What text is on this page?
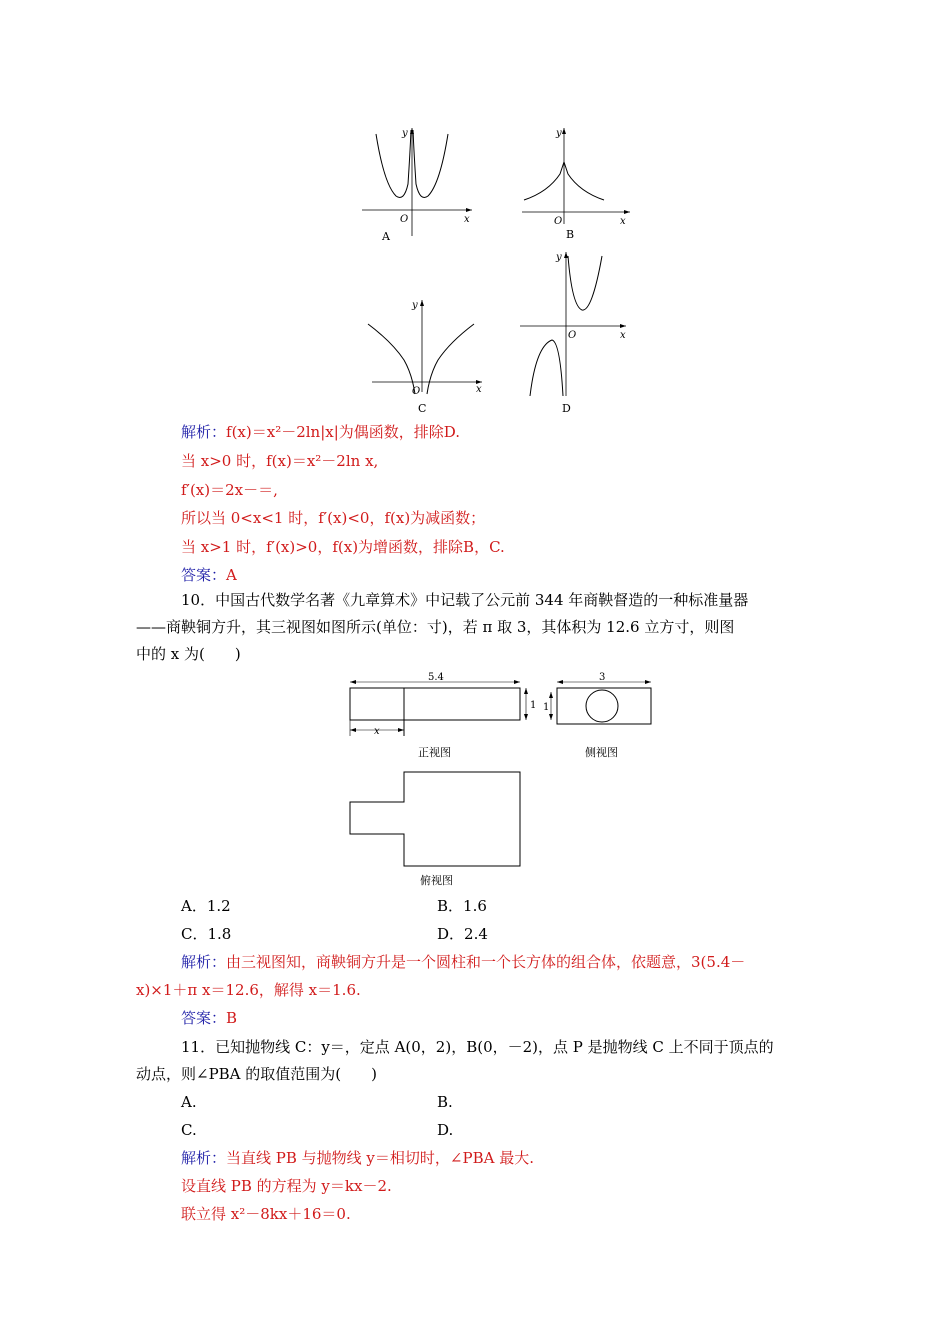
y
x
O
A
y
x
O
B
y
x
O
C
y
x
O
D
解析：f(x)＝x²－2ln|x|为偶函数，排除D.
当 x>0 时，f(x)＝x²－2ln x,
f′(x)＝2x－＝,
所以当 0<x<1 时，f′(x)<0，f(x)为减函数；
当 x>1 时，f′(x)>0，f(x)为增函数，排除B，C.
答案：A
10．中国古代数学名著《九章算术》中记载了公元前 344 年商鞅督造的一种标准量器
——商鞅铜方升，其三视图如图所示(单位：寸)，若 π 取 3，其体积为 12.6 立方寸，则图
中的 x 为(　　)
5.4
x
1
正视图
3
1
侧视图
俯视图
A．1.2	B．1.6
C．1.8	D．2.4
解析：由三视图知，商鞅铜方升是一个圆柱和一个长方体的组合体，依题意，3(5.4－
x)×1＋π x＝12.6，解得 x＝1.6.
答案：B
11．已知抛物线 C：y＝，定点 A(0，2)，B(0，－2)，点 P 是抛物线 C 上不同于顶点的
动点，则∠PBA 的取值范围为(　　)
A.	B.
C.	D.
解析：当直线 PB 与抛物线 y＝相切时，∠PBA 最大.
设直线 PB 的方程为 y＝kx－2.
联立得 x²－8kx＋16＝0.
